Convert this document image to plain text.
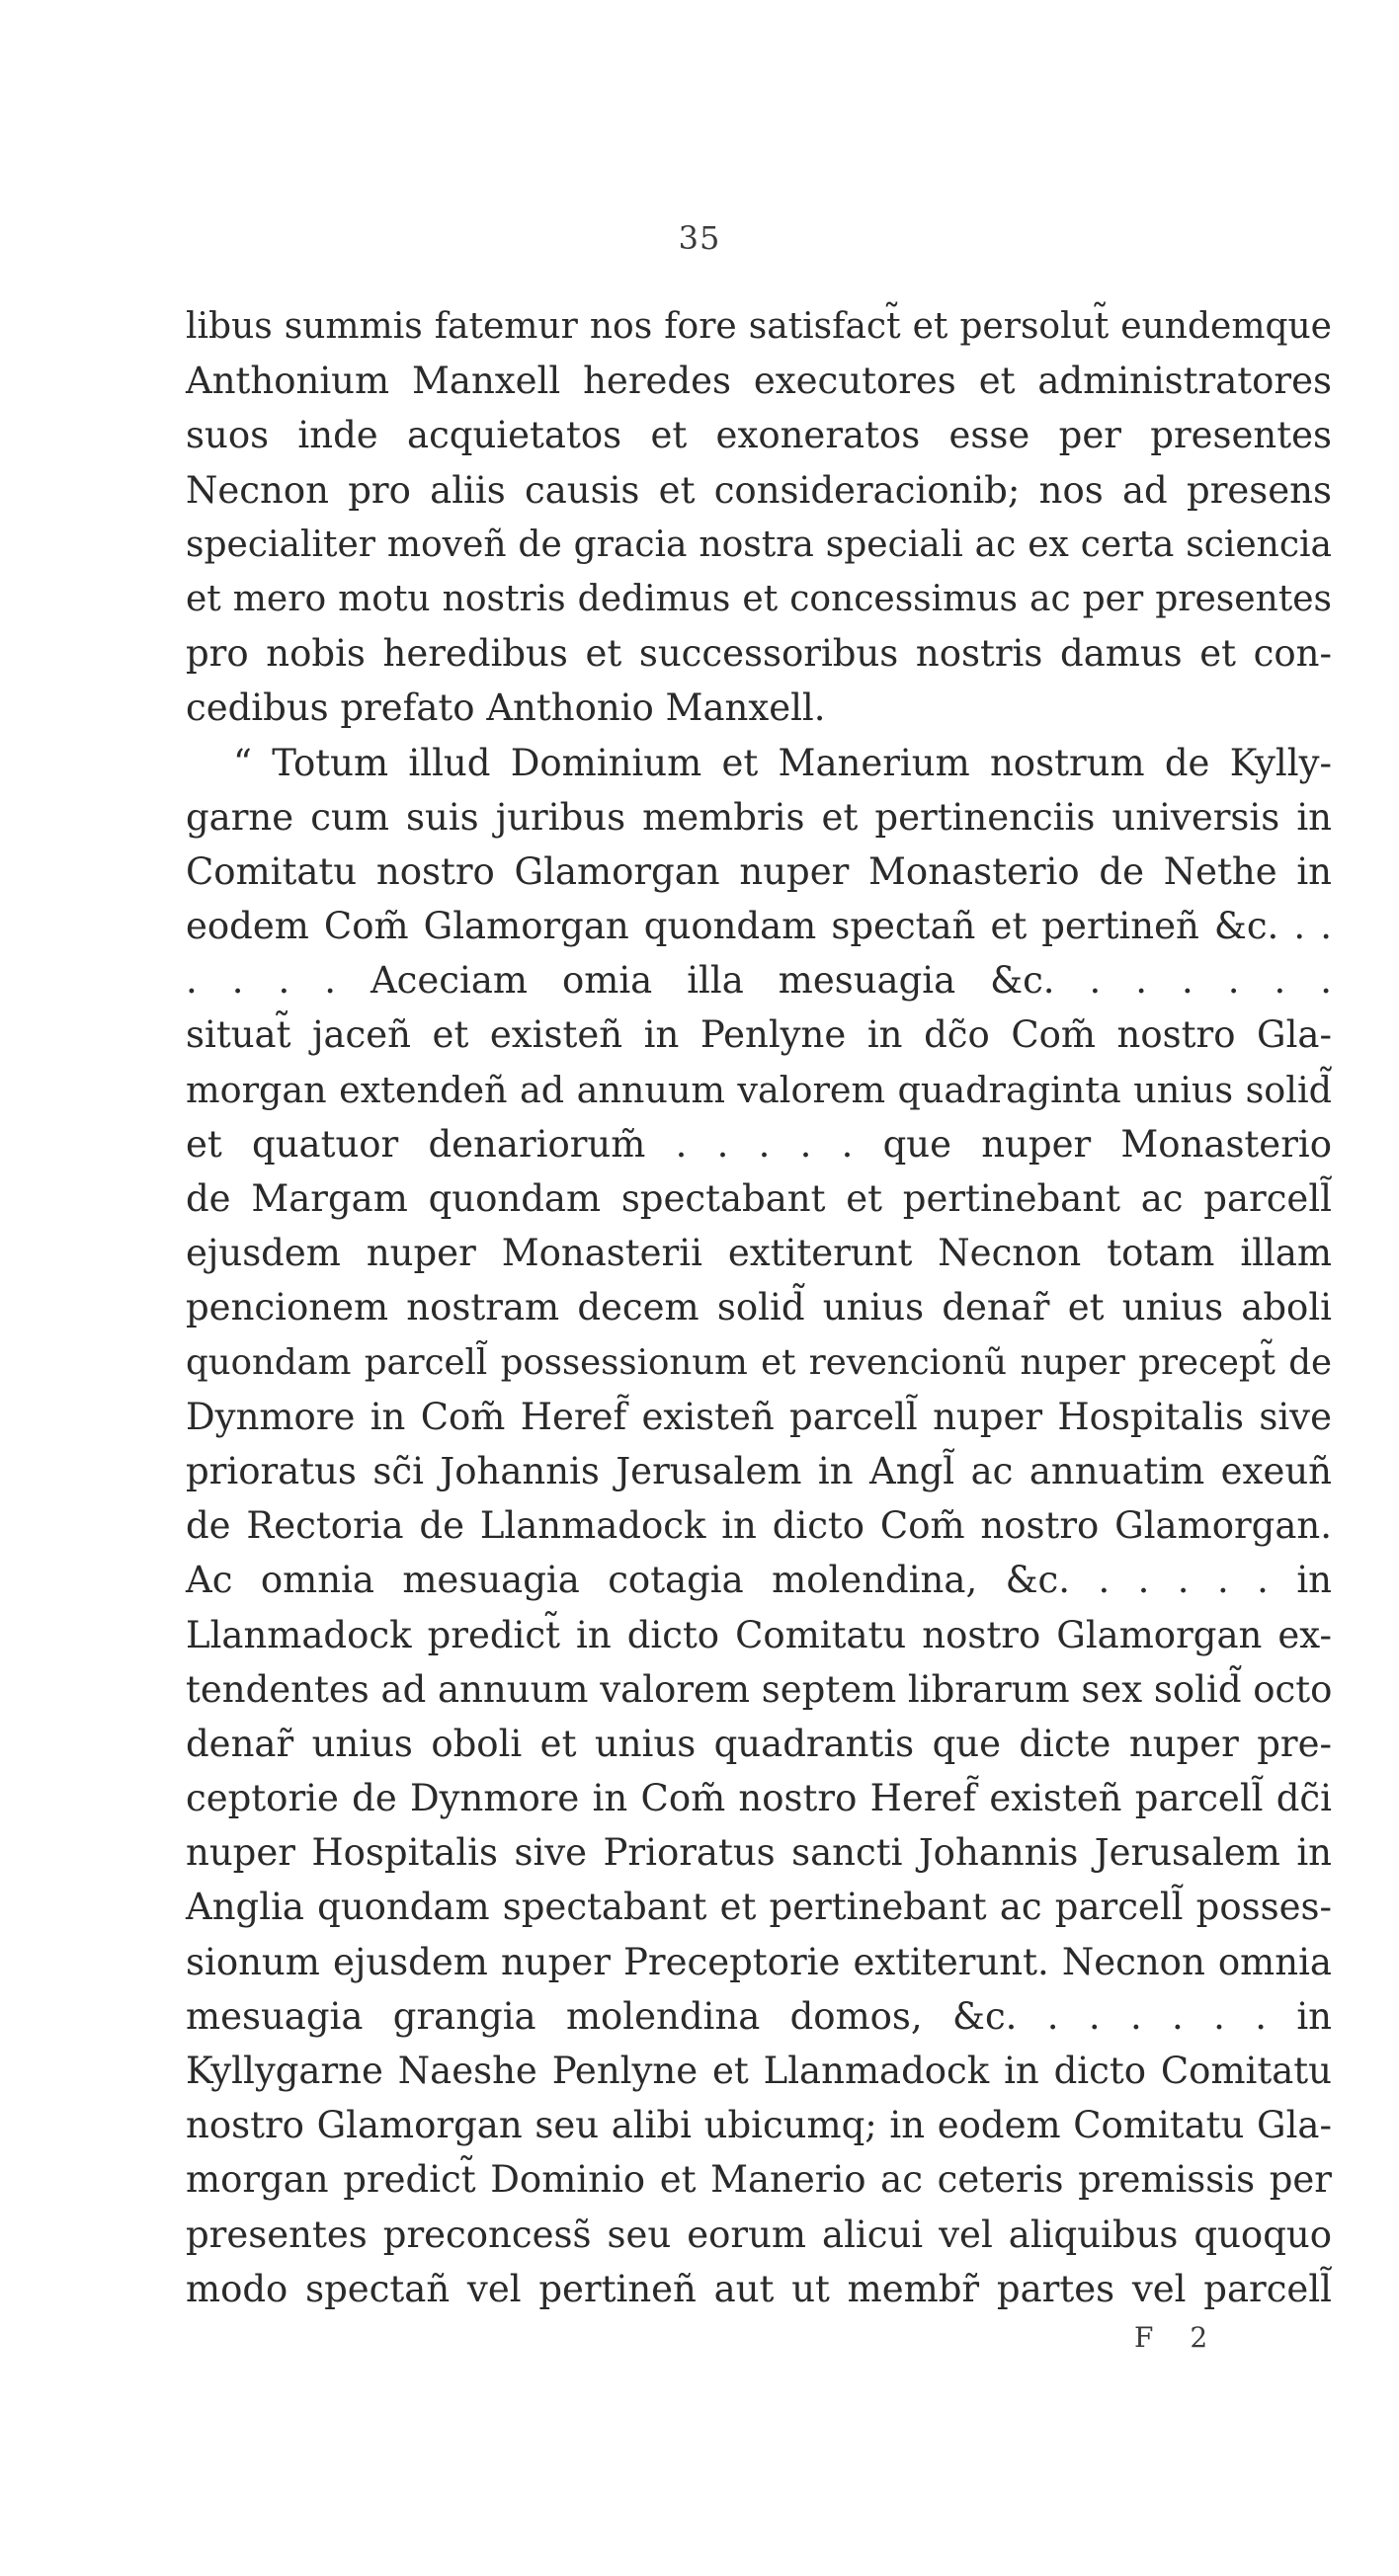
35
libus summis fatemur nos fore satisfact̃ et persolut̃ eundemque
Anthonium Manxell heredes executores et administratores
suos inde acquietatos et exoneratos esse per presentes
Necnon pro aliis causis et consideracionib; nos ad presens
specialiter moveñ de gracia nostra speciali ac ex certa sciencia
et mero motu nostris dedimus et concessimus ac per presentes
pro nobis heredibus et successoribus nostris damus et con-
cedibus prefato Anthonio Manxell.
“ Totum illud Dominium et Manerium nostrum de Kylly-
garne cum suis juribus membris et pertinenciis universis in
Comitatu nostro Glamorgan nuper Monasterio de Nethe in
eodem Com̃ Glamorgan quondam spectañ et pertineñ &c. . .
. . . . Aceciam omia illa mesuagia &c. . . . . . .
situat̃ jaceñ et existeñ in Penlyne in dc̃o Com̃ nostro Gla-
morgan extendeñ ad annuum valorem quadraginta unius solid̃
et quatuor denariorum̃ . . . . . que nuper Monasterio
de Margam quondam spectabant et pertinebant ac parcell̃
ejusdem nuper Monasterii extiterunt Necnon totam illam
pencionem nostram decem solid̃ unius denar̃ et unius aboli
quondam parcell̃ possessionum et revencionũ nuper precept̃ de
Dynmore in Com̃ Heref̃ existeñ parcell̃ nuper Hospitalis sive
prioratus sc̃i Johannis Jerusalem in Angl̃ ac annuatim exeuñ
de Rectoria de Llanmadock in dicto Com̃ nostro Glamorgan.
Ac omnia mesuagia cotagia molendina, &c. . . . . . in
Llanmadock predict̃ in dicto Comitatu nostro Glamorgan ex-
tendentes ad annuum valorem septem librarum sex solid̃ octo
denar̃ unius oboli et unius quadrantis que dicte nuper pre-
ceptorie de Dynmore in Com̃ nostro Heref̃ existeñ parcell̃ dc̃i
nuper Hospitalis sive Prioratus sancti Johannis Jerusalem in
Anglia quondam spectabant et pertinebant ac parcell̃ posses-
sionum ejusdem nuper Preceptorie extiterunt. Necnon omnia
mesuagia grangia molendina domos, &c. . . . . . . in
Kyllygarne Naeshe Penlyne et Llanmadock in dicto Comitatu
nostro Glamorgan seu alibi ubicumq; in eodem Comitatu Gla-
morgan predict̃ Dominio et Manerio ac ceteris premissis per
presentes preconcess̃ seu eorum alicui vel aliquibus quoquo
modo spectañ vel pertineñ aut ut membr̃ partes vel parcell̃
F 2
